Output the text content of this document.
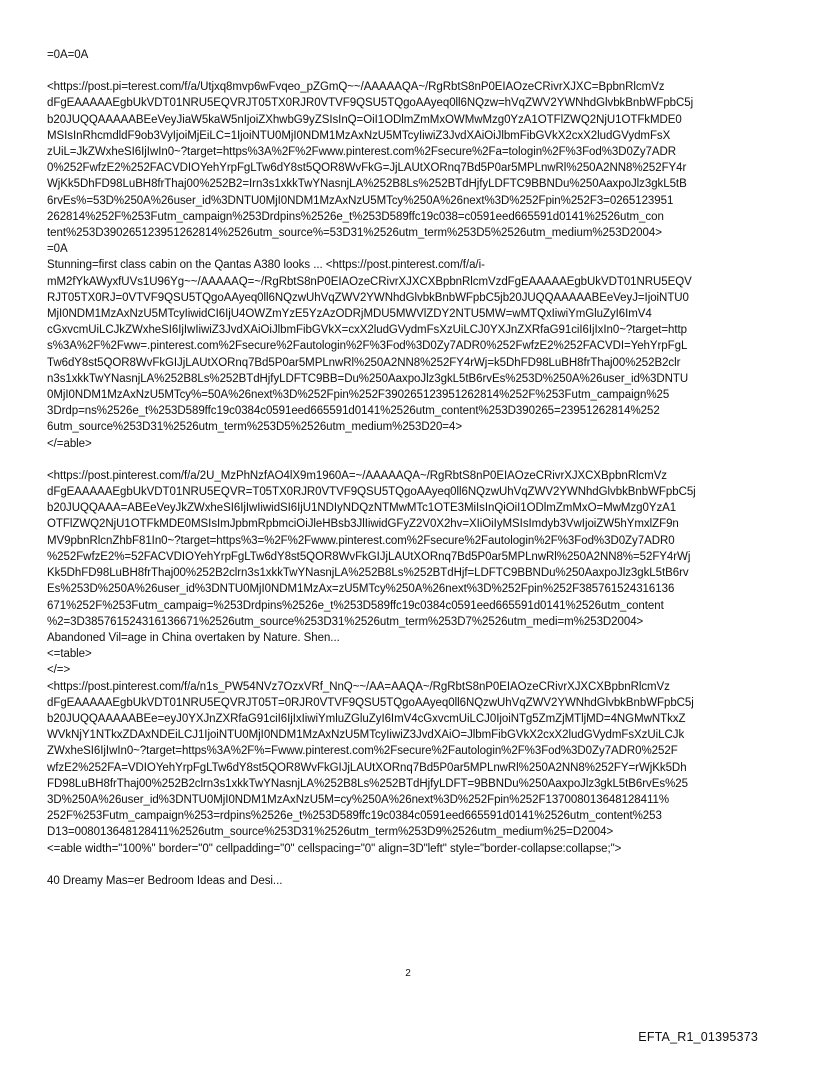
=0A=0A
<https://post.pi=terest.com/f/a/Utjxq8mvp6wFvqeo_pZGmQ~~/AAAAAQA~/RgRbtS8nP0EIAOzeCRivrXJXC=BpbnRlcmVz
dFgEAAAAAEgbUkVDT01NRU5EQVRJT05TX0RJR0VTVF9QSU5TQgoAAyeq0ll6NQzw=hVqZWV2YWNhdGlvbkBnbWFpbC5j
b20JUQQAAAAABEeVeyJiaW5kaW5nIjoiZXhwbG9yZSIsInQ=OiI1ODlmZmMxOWMwMzg0YzA1OTFlZWQ2NjU1OTFkMDE0
MSIsInRhcmdldF9ob3VyIjoiMjEiLC=1IjoiNTU0MjI0NDM1MzAxNzU5MTcyIiwiZ3JvdXAiOiJlbmFibGVkX2cxX2ludGVydmFsX
zUiL=JkZWxheSI6IjIwIn0~?target=https%3A%2F%2Fwww.pinterest.com%2Fsecure%2Fa=tologin%2F%3Fod%3D0Zy7ADR
0%252FwfzE2%252FACVDIOYehYrpFgLTw6dY8st5QOR8WvFkG=JjLAUtXORnq7Bd5P0ar5MPLnwRl%250A2NN8%252FY4r
WjKk5DhFD98LuBH8frThaj00%252B2=Irn3s1xkkTwYNasnjLA%252B8Ls%252BTdHjfyLDFTC9BBNDu%250AaxpoJlz3gkL5tB
6rvEs%=53D%250A%26user_id%3DNTU0MjI0NDM1MzAxNzU5MTcy%250A%26next%3D%252Fpin%252F3=0265123951
262814%252F%253Futm_campaign%253Drdpins%2526e_t%253D589ffc19c038=c0591eed665591d0141%2526utm_con
tent%253D390265123951262814%2526utm_source%=53D31%2526utm_term%253D5%2526utm_medium%253D2004>
=0A
Stunning=first class cabin on the Qantas A380 looks ... <https://post.pinterest.com/f/a/i-
mM2fYkAWyxfUVs1U96Yg~~/AAAAAQ=~/RgRbtS8nP0EIAOzeCRivrXJXCXBpbnRlcmVzdFgEAAAAAEgbUkVDT01NRU5EQV
RJT05TX0RJ=0VTVF9QSU5TQgoAAyeq0ll6NQzwUhVqZWV2YWNhdGlvbkBnbWFpbC5jb20JUQQAAAAABEeVeyJ=IjoiNTU0
MjI0NDM1MzAxNzU5MTcyIiwidCI6IjU4OWZmYzE5YzAzODRjMDU5MWVlZDY2NTU5MW=wMTQxIiwiYmGluZyI6ImV4
cGxvcmUiLCJkZWxheSI6IjIwIiwiZ3JvdXAiOiJlbmFibGVkX=cxX2ludGVydmFsXzUiLCJ0YXJnZXRfaG91ciI6IjIxIn0~?target=http
s%3A%2F%2Fww=.pinterest.com%2Fsecure%2Fautologin%2F%3Fod%3D0Zy7ADR0%252FwfzE2%252FACVDI=YehYrpFgL
Tw6dY8st5QOR8WvFkGIJjLAUtXORnq7Bd5P0ar5MPLnwRl%250A2NN8%252FY4rWj=k5DhFD98LuBH8frThaj00%252B2clr
n3s1xkkTwYNasnjLA%252B8Ls%252BTdHjfyLDFTC9BB=Du%250AaxpoJlz3gkL5tB6rvEs%253D%250A%26user_id%3DNTU
0MjI0NDM1MzAxNzU5MTcy%=50A%26next%3D%252Fpin%252F390265123951262814%252F%253Futm_campaign%25
3Drdp=ns%2526e_t%253D589ffc19c0384c0591eed665591d0141%2526utm_content%253D390265=23951262814%252
6utm_source%253D31%2526utm_term%253D5%2526utm_medium%253D20=4>
</=able>
<https://post.pinterest.com/f/a/2U_MzPhNzfAO4lX9m1960A=~/AAAAAQA~/RgRbtS8nP0EIAOzeCRivrXJXCXBpbnRlcmVz
dFgEAAAAAEgbUkVDT01NRU5EQVR=T05TX0RJR0VTVF9QSU5TQgoAAyeq0ll6NQzwUhVqZWV2YWNhdGlvbkBnbWFpbC5j
b20JUQQAAA=ABEeVeyJkZWxheSI6IjIwIiwidSI6IjU1NDIyNDQzNTMwMTc1OTE3MiIsInQiOiI1ODlmZmMxO=MwMzg0YzA1
OTFlZWQ2NjU1OTFkMDE0MSIsImJpbmRpbmciOiJleHBsb3JlIiwidGFyZ2V0X2hv=XIiOiIyMSIsImdyb3VwIjoiZW5hYmxlZF9n
MV9pbnRlcnZhbF81In0~?target=https%3=%2F%2Fwww.pinterest.com%2Fsecure%2Fautologin%2F%3Fod%3D0Zy7ADR0
%252FwfzE2%=52FACVDIOYehYrpFgLTw6dY8st5QOR8WvFkGIJjLAUtXORnq7Bd5P0ar5MPLnwRl%250A2NN8%=52FY4rWj
Kk5DhFD98LuBH8frThaj00%252B2clrn3s1xkkTwYNasnjLA%252B8Ls%252BTdHjf=LDFTC9BBNDu%250AaxpoJlz3gkL5tB6rv
Es%253D%250A%26user_id%3DNTU0MjI0NDM1MzAx=zU5MTcy%250A%26next%3D%252Fpin%252F385761524316136
671%252F%253Futm_campaig=%253Drdpins%2526e_t%253D589ffc19c0384c0591eed665591d0141%2526utm_content
%2=3D385761524316136671%2526utm_source%253D31%2526utm_term%253D7%2526utm_medi=m%253D2004>
Abandoned Vil=age in China overtaken by Nature. Shen...
<=table>
</=>
<https://post.pinterest.com/f/a/n1s_PW54NVz7OzxVRf_NnQ~~/AA=AAQA~/RgRbtS8nP0EIAOzeCRivrXJXCXBpbnRlcmVz
dFgEAAAAAEgbUkVDT01NRU5EQVRJT05T=0RJR0VTVF9QSU5TQgoAAyeq0ll6NQzwUhVqZWV2YWNhdGlvbkBnbWFpbC5j
b20JUQQAAAAABEe=eyJ0YXJnZXRfaG91ciI6IjIxIiwiYmluZGluZyI6ImV4cGxvcmUiLCJ0IjoiNTg5ZmZjMTljMD=4NGMwNTkxZ
WVkNjY1NTkxZDAxNDEiLCJ1IjoiNTU0MjI0NDM1MzAxNzU5MTcyIiwiZ3JvdXAiO=JlbmFibGVkX2cxX2ludGVydmFsXzUiLCJk
ZWxheSI6IjIwIn0~?target=https%3A%2F%=Fwww.pinterest.com%2Fsecure%2Fautologin%2F%3Fod%3D0Zy7ADR0%252F
wfzE2%252FA=VDIOYehYrpFgLTw6dY8st5QOR8WvFkGIJjLAUtXORnq7Bd5P0ar5MPLnwRl%250A2NN8%252FY=rWjKk5Dh
FD98LuBH8frThaj00%252B2clrn3s1xkkTwYNasnjLA%252B8Ls%252BTdHjfyLDFT=9BBNDu%250AaxpoJlz3gkL5tB6rvEs%25
3D%250A%26user_id%3DNTU0MjI0NDM1MzAxNzU5M=cy%250A%26next%3D%252Fpin%252F137008013648128411%
252F%253Futm_campaign%253=rdpins%2526e_t%253D589ffc19c0384c0591eed665591d0141%2526utm_content%253
D13=008013648128411%2526utm_source%253D31%2526utm_term%253D9%2526utm_medium%25=D2004>
<=able width="100%" border="0" cellpadding="0" cellspacing="0" align=3D"left" style="border-collapse:collapse;">
40 Dreamy Mas=er Bedroom Ideas and Desi...
2
EFTA_R1_01395373
